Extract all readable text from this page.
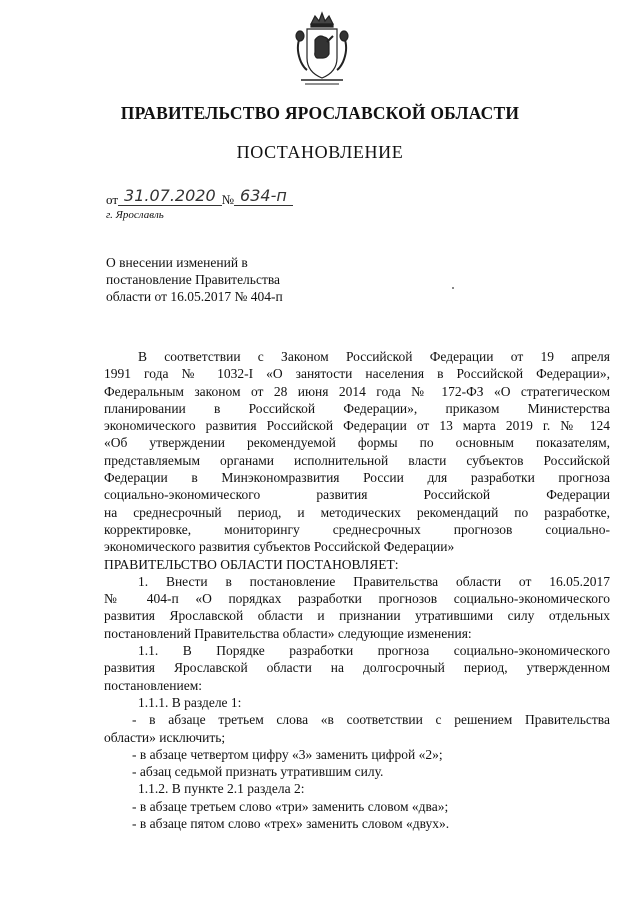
ПРАВИТЕЛЬСТВО ЯРОСЛАВСКОЙ ОБЛАСТИ
ПОСТАНОВЛЕНИЕ
от 31.07.2020 № 634-п
г. Ярославль
О внесении изменений в
постановление Правительства
области от 16.05.2017 № 404-п
В соответствии с Законом Российской Федерации от 19 апреля
1991 года № 1032-I «О занятости населения в Российской Федерации»,
Федеральным законом от 28 июня 2014 года № 172-ФЗ «О стратегическом
планировании в Российской Федерации», приказом Министерства
экономического развития Российской Федерации от 13 марта 2019 г. № 124
«Об утверждении рекомендуемой формы по основным показателям,
представляемым органами исполнительной власти субъектов Российской
Федерации в Минэкономразвития России для разработки прогноза
социально-экономического развития Российской Федерации
на среднесрочный период, и методических рекомендаций по разработке,
корректировке, мониторингу среднесрочных прогнозов социально-
экономического развития субъектов Российской Федерации»
ПРАВИТЕЛЬСТВО ОБЛАСТИ ПОСТАНОВЛЯЕТ:
1. Внести в постановление Правительства области от 16.05.2017
№ 404-п «О порядках разработки прогнозов социально-экономического
развития Ярославской области и признании утратившими силу отдельных
постановлений Правительства области» следующие изменения:
1.1. В Порядке разработки прогноза социально-экономического
развития Ярославской области на долгосрочный период, утвержденном
постановлением:
1.1.1. В разделе 1:
- в абзаце третьем слова «в соответствии с решением Правительства
области» исключить;
- в абзаце четвертом цифру «3» заменить цифрой «2»;
- абзац седьмой признать утратившим силу.
1.1.2. В пункте 2.1 раздела 2:
- в абзаце третьем слово «три» заменить словом «два»;
- в абзаце пятом слово «трех» заменить словом «двух».
